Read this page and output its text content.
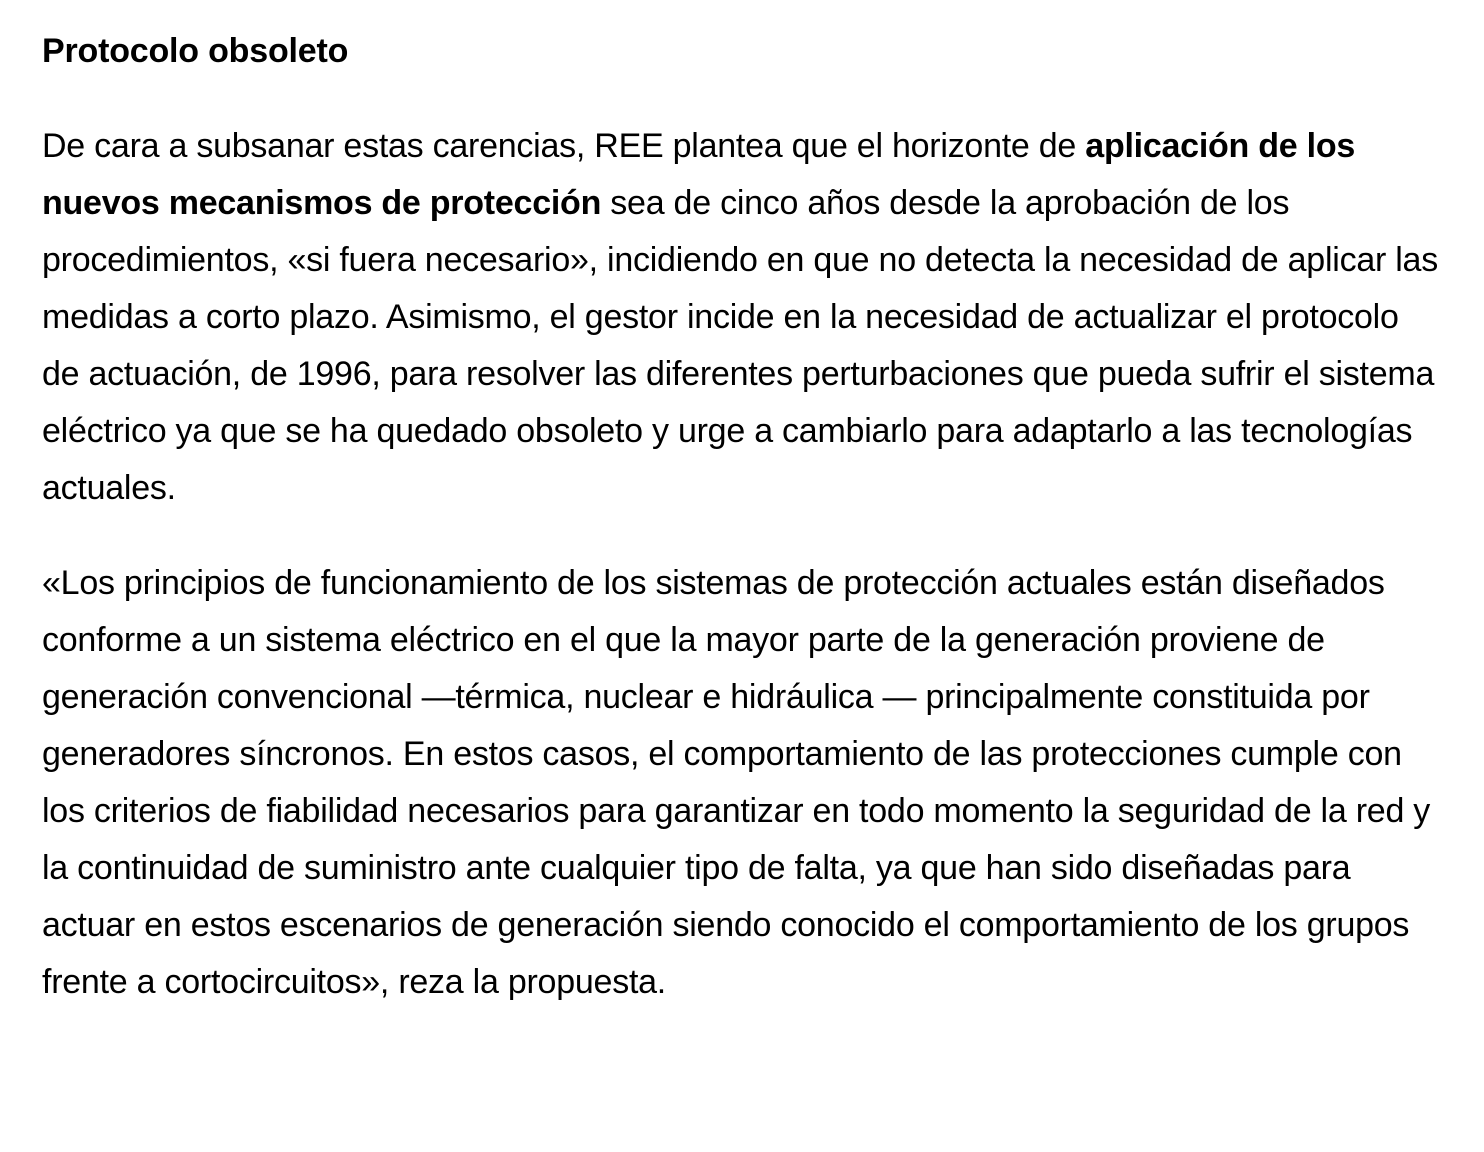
Protocolo obsoleto

De cara a subsanar estas carencias, REE plantea que el horizonte de aplicación de los nuevos mecanismos de protección sea de cinco años desde la aprobación de los procedimientos, «si fuera necesario», incidiendo en que no detecta la necesidad de aplicar las medidas a corto plazo. Asimismo, el gestor incide en la necesidad de actualizar el protocolo de actuación, de 1996, para resolver las diferentes perturbaciones que pueda sufrir el sistema eléctrico ya que se ha quedado obsoleto y urge a cambiarlo para adaptarlo a las tecnologías actuales.

«Los principios de funcionamiento de los sistemas de protección actuales están diseñados conforme a un sistema eléctrico en el que la mayor parte de la generación proviene de generación convencional —térmica, nuclear e hidráulica — principalmente constituida por generadores síncronos. En estos casos, el comportamiento de las protecciones cumple con los criterios de fiabilidad necesarios para garantizar en todo momento la seguridad de la red y la continuidad de suministro ante cualquier tipo de falta, ya que han sido diseñadas para actuar en estos escenarios de generación siendo conocido el comportamiento de los grupos frente a cortocircuitos», reza la propuesta.
